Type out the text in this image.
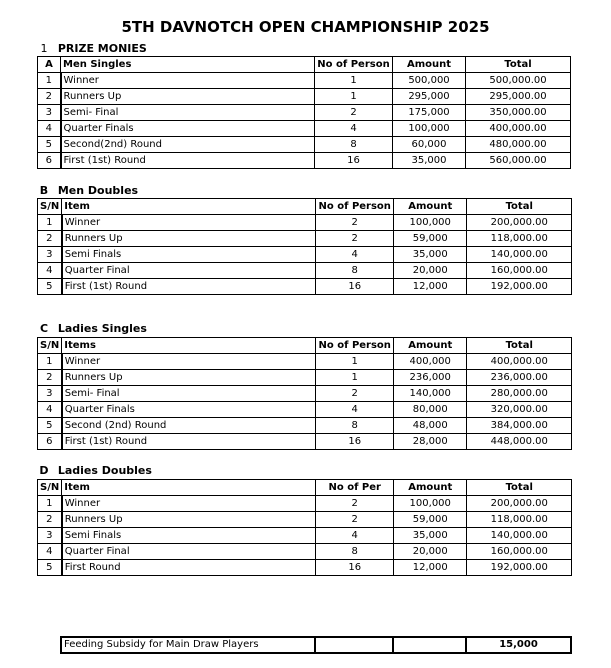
5TH DAVNOTCH OPEN CHAMPIONSHIP 2025
1 PRIZE MONIES
A	Men Singles	No of Person	Amount	Total
1	Winner	1	500,000	500,000.00
2	Runners Up	1	295,000	295,000.00
3	Semi- Final	2	175,000	350,000.00
4	Quarter Finals	4	100,000	400,000.00
5	Second(2nd) Round	8	60,000	480,000.00
6	First (1st) Round	16	35,000	560,000.00
B Men Doubles
S/N	Item	No of Person	Amount	Total
1	Winner	2	100,000	200,000.00
2	Runners Up	2	59,000	118,000.00
3	Semi Finals	4	35,000	140,000.00
4	Quarter Final	8	20,000	160,000.00
5	First (1st) Round	16	12,000	192,000.00
C Ladies Singles
S/N	Items	No of Person	Amount	Total
1	Winner	1	400,000	400,000.00
2	Runners Up	1	236,000	236,000.00
3	Semi- Final	2	140,000	280,000.00
4	Quarter Finals	4	80,000	320,000.00
5	Second (2nd) Round	8	48,000	384,000.00
6	First (1st) Round	16	28,000	448,000.00
D Ladies Doubles
S/N	Item	No of Per	Amount	Total
1	Winner	2	100,000	200,000.00
2	Runners Up	2	59,000	118,000.00
3	Semi Finals	4	35,000	140,000.00
4	Quarter Final	8	20,000	160,000.00
5	First Round	16	12,000	192,000.00
Feeding Subsidy for Main Draw Players			15,000
